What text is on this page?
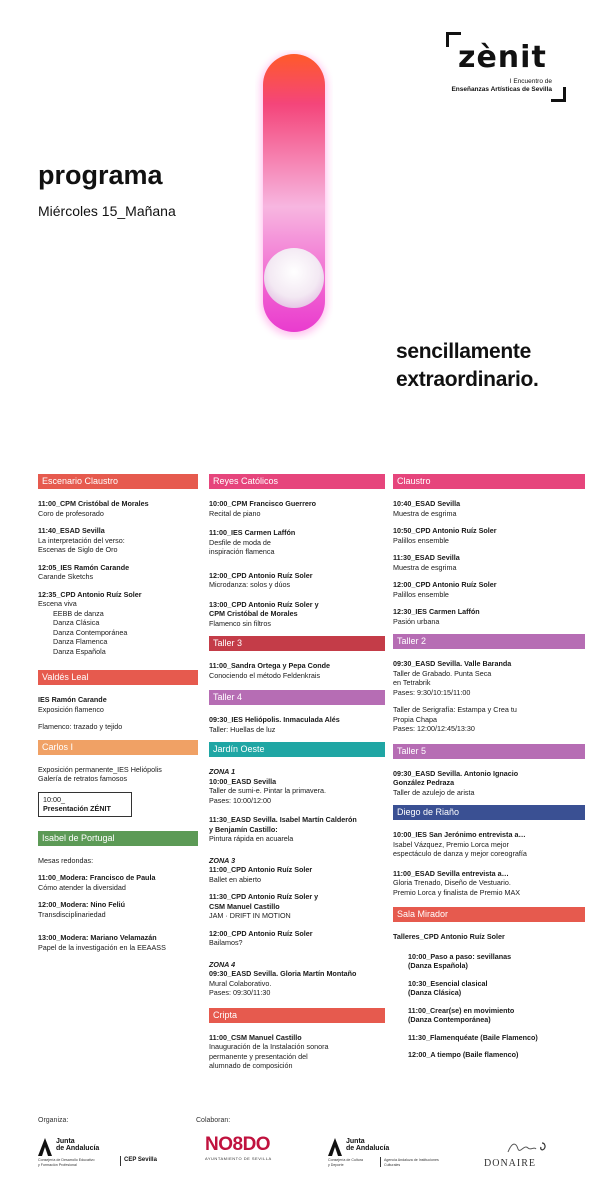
zènit
I Encuentro de
Enseñanzas Artísticas de Sevilla
programa
Miércoles 15_Mañana
sencillamente
extraordinario.
Escenario Claustro
11:00_CPM Cristóbal de Morales
Coro de profesorado
11:40_ESAD Sevilla
La interpretación del verso:
Escenas de Siglo de Oro
12:05_IES Ramón Carande
Carande Sketchs
12:35_CPD Antonio Ruíz Soler
Escena viva
EEBB de danza
Danza Clásica
Danza Contemporánea
Danza Flamenca
Danza Española
Valdés Leal
IES Ramón Carande
Exposición flamenco
Flamenco: trazado y tejido
Carlos I
Exposición permanente_IES Heliópolis
Galería de retratos famosos
10:00_
Presentación ZÉNIT
Isabel de Portugal
Mesas redondas:
11:00_Modera: Francisco de Paula
Cómo atender la diversidad
12:00_Modera: Nino Feliú
Transdisciplinariedad
13:00_Modera: Mariano Velamazán
Papel de la investigación en la EEAASS
Reyes Católicos
10:00_CPM Francisco Guerrero
Recital de piano
11:00_IES Carmen Laffón
Desfile de moda de
inspiración flamenca
12:00_CPD Antonio Ruíz Soler
Microdanza: solos y dúos
13:00_CPD Antonio Ruíz Soler y
CPM Cristóbal de Morales
Flamenco sin filtros
Taller 3
11:00_Sandra Ortega y Pepa Conde
Conociendo el método Feldenkrais
Taller 4
09:30_IES Heliópolis. Inmaculada Alés
Taller: Huellas de luz
Jardín Oeste
ZONA 1
10:00_EASD Sevilla
Taller de sumi-e. Pintar la primavera.
Pases: 10:00/12:00
11:30_EASD Sevilla. Isabel Martín Calderón
y Benjamín Castillo:
Pintura rápida en acuarela
ZONA 3
11:00_CPD Antonio Ruíz Soler
Ballet en abierto
11:30_CPD Antonio Ruíz Soler y
CSM Manuel Castillo
JAM · DRIFT IN MOTION
12:00_CPD Antonio Ruíz Soler
Bailamos?
ZONA 4
09:30_EASD Sevilla. Gloria Martín Montaño
Mural Colaborativo.
Pases: 09:30/11:30
Cripta
11:00_CSM Manuel Castillo
Inauguración de la Instalación sonora
permanente y presentación del
alumnado de composición
Claustro
10:40_ESAD Sevilla
Muestra de esgrima
10:50_CPD Antonio Ruíz Soler
Palillos ensemble
11:30_ESAD Sevilla
Muestra de esgrima
12:00_CPD Antonio Ruíz Soler
Palillos ensemble
12:30_IES Carmen Laffón
Pasión urbana
Taller 2
09:30_EASD Sevilla. Valle Baranda
Taller de Grabado. Punta Seca
en Tetrabrik
Pases: 9:30/10:15/11:00
Taller de Serigrafía: Estampa y Crea tu
Propia Chapa
Pases: 12:00/12:45/13:30
Taller 5
09:30_EASD Sevilla. Antonio Ignacio
González Pedraza
Taller de azulejo de arista
Diego de Riaño
10:00_IES San Jerónimo entrevista a…
Isabel Vázquez, Premio Lorca mejor
espectáculo de danza y mejor coreografía
11:00_ESAD Sevilla entrevista a…
Gloria Trenado, Diseño de Vestuario.
Premio Lorca y finalista de Premio MAX
Sala Mirador
Talleres_CPD Antonio Ruíz Soler
10:00_Paso a paso: sevillanas
(Danza Española)
10:30_Esencial clasical
(Danza Clásica)
11:00_Crear(se) en movimiento
(Danza Contemporánea)
11:30_Flamenquéate (Baile Flamenco)
12:00_A tiempo (Baile flamenco)
Organiza:	Colaboran:
Junta
de Andalucía
Consejería de Desarrollo Educativo
y Formación Profesional
CEP Sevilla
NO8DO
AYUNTAMIENTO DE SEVILLA
Junta
de Andalucía
Consejería de Cultura
y Deporte
Agencia Andaluza de Instituciones Culturales	DONAIRE
